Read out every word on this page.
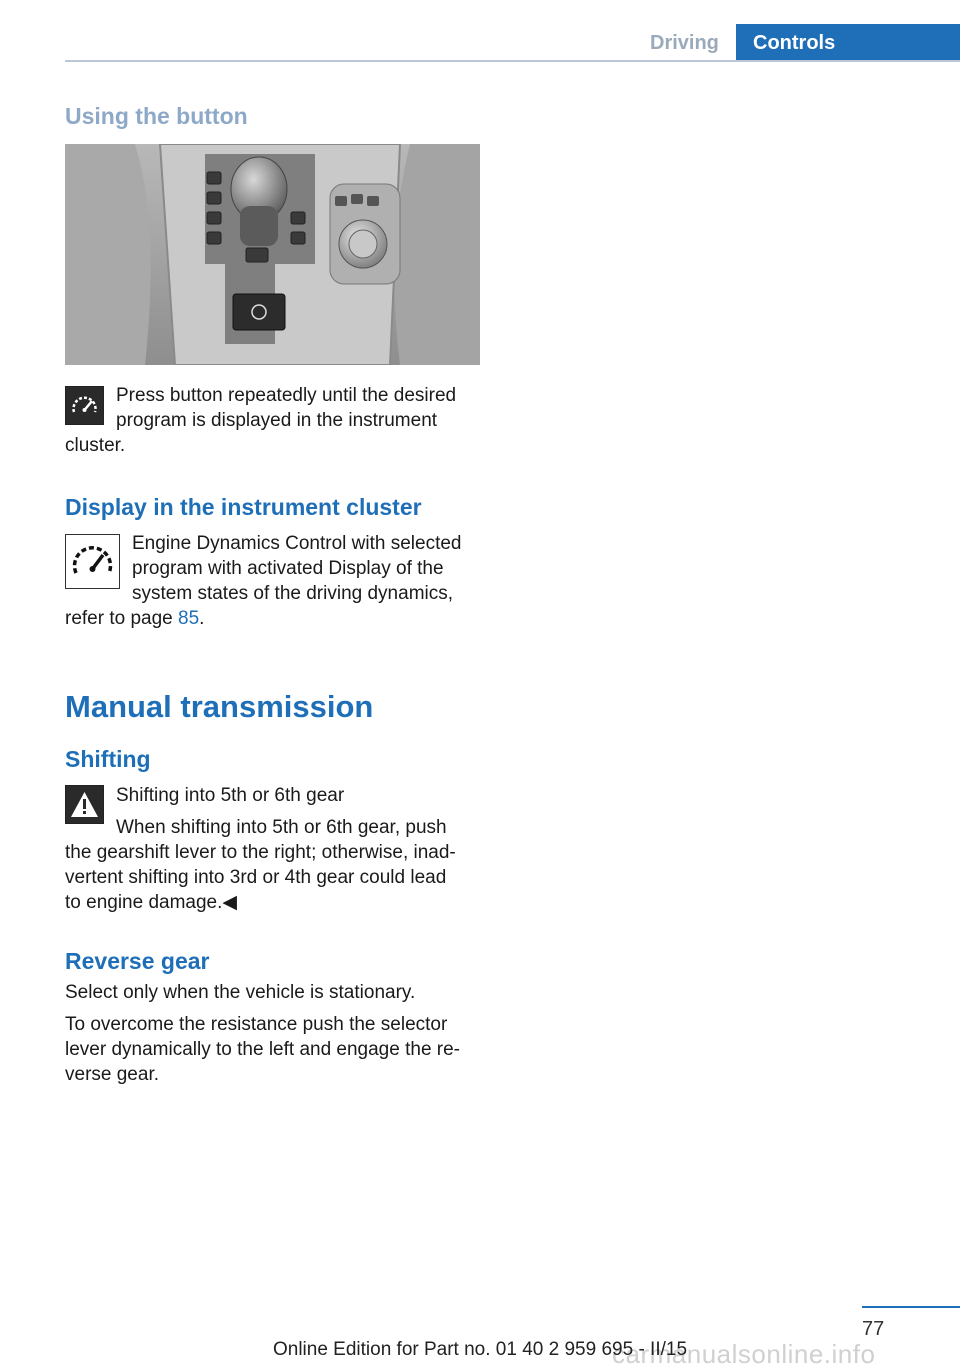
Driving	Controls
Using the button
Press button repeatedly until the desired
program is displayed in the instrument
cluster.
Display in the instrument cluster
Engine Dynamics Control with selected
program with activated Display of the
system states of the driving dynamics,
refer to page 85.
Manual transmission
Shifting
Shifting into 5th or 6th gear
When shifting into 5th or 6th gear, push
the gearshift lever to the right; otherwise, inad‐
vertent shifting into 3rd or 4th gear could lead
to engine damage.◀
Reverse gear
Select only when the vehicle is stationary.
To overcome the resistance push the selector
lever dynamically to the left and engage the re‐
verse gear.
77
carmanualsonline.info
Online Edition for Part no. 01 40 2 959 695 - II/15
